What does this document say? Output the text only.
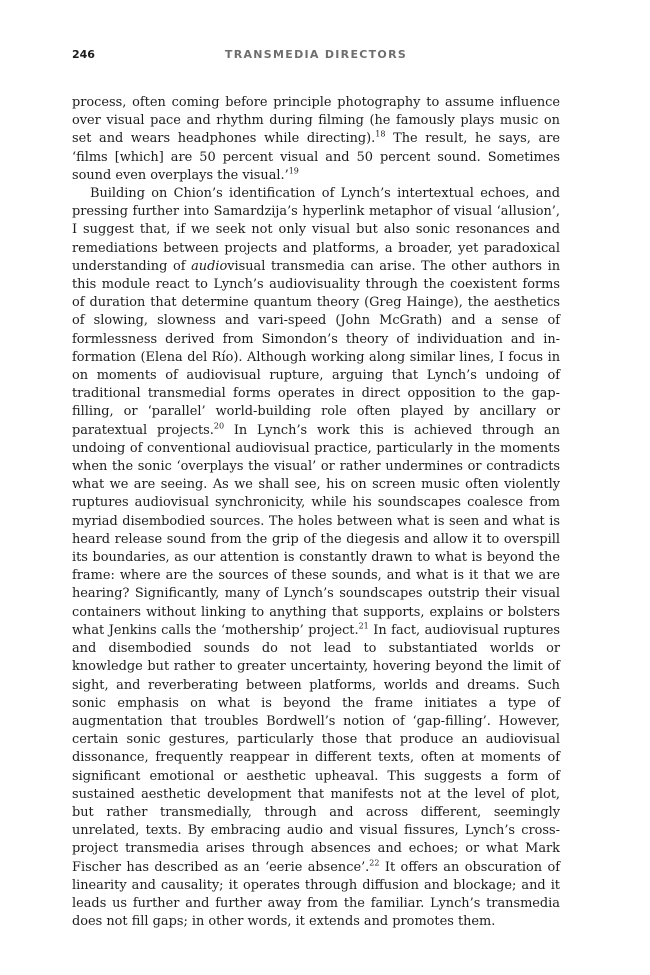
246	TRANSMEDIA DIRECTORS

process, often coming before principle photography to assume influence over visual pace and rhythm during filming (he famously plays music on set and wears headphones while directing).$^{18}$ The result, he says, are ‘films [which] are 50 percent visual and 50 percent sound. Sometimes sound even overplays the visual.’$^{19}$

Building on Chion’s identification of Lynch’s intertextual echoes, and pressing further into Samardzija’s hyperlink metaphor of visual ‘allusion’, I suggest that, if we seek not only visual but also sonic resonances and remediations between projects and platforms, a broader, yet paradoxical understanding of audiovisual transmedia can arise. The other authors in this module react to Lynch’s audiovisuality through the coexistent forms of duration that determine quantum theory (Greg Hainge), the aesthetics of slowing, slowness and vari-speed (John McGrath) and a sense of formlessness derived from Simondon’s theory of individuation and in-formation (Elena del Río). Although working along similar lines, I focus in on moments of audiovisual rupture, arguing that Lynch’s undoing of traditional transmedial forms operates in direct opposition to the gap-filling, or ‘parallel’ world-building role often played by ancillary or paratextual projects.$^{20}$ In Lynch’s work this is achieved through an undoing of conventional audiovisual practice, particularly in the moments when the sonic ‘overplays the visual’ or rather undermines or contradicts what we are seeing. As we shall see, his on screen music often violently ruptures audiovisual synchronicity, while his soundscapes coalesce from myriad disembodied sources. The holes between what is seen and what is heard release sound from the grip of the diegesis and allow it to overspill its boundaries, as our attention is constantly drawn to what is beyond the frame: where are the sources of these sounds, and what is it that we are hearing? Significantly, many of Lynch’s soundscapes outstrip their visual containers without linking to anything that supports, explains or bolsters what Jenkins calls the ‘mothership’ project.$^{21}$ In fact, audiovisual ruptures and disembodied sounds do not lead to substantiated worlds or knowledge but rather to greater uncertainty, hovering beyond the limit of sight, and reverberating between platforms, worlds and dreams. Such sonic emphasis on what is beyond the frame initiates a type of augmentation that troubles Bordwell’s notion of ‘gap-filling’. However, certain sonic gestures, particularly those that produce an audiovisual dissonance, frequently reappear in different texts, often at moments of significant emotional or aesthetic upheaval. This suggests a form of sustained aesthetic development that manifests not at the level of plot, but rather transmedially, through and across different, seemingly unrelated, texts. By embracing audio and visual fissures, Lynch’s cross-project transmedia arises through absences and echoes; or what Mark Fischer has described as an ‘eerie absence’.$^{22}$ It offers an obscuration of linearity and causality; it operates through diffusion and blockage; and it leads us further and further away from the familiar. Lynch’s transmedia does not fill gaps; in other words, it extends and promotes them.
